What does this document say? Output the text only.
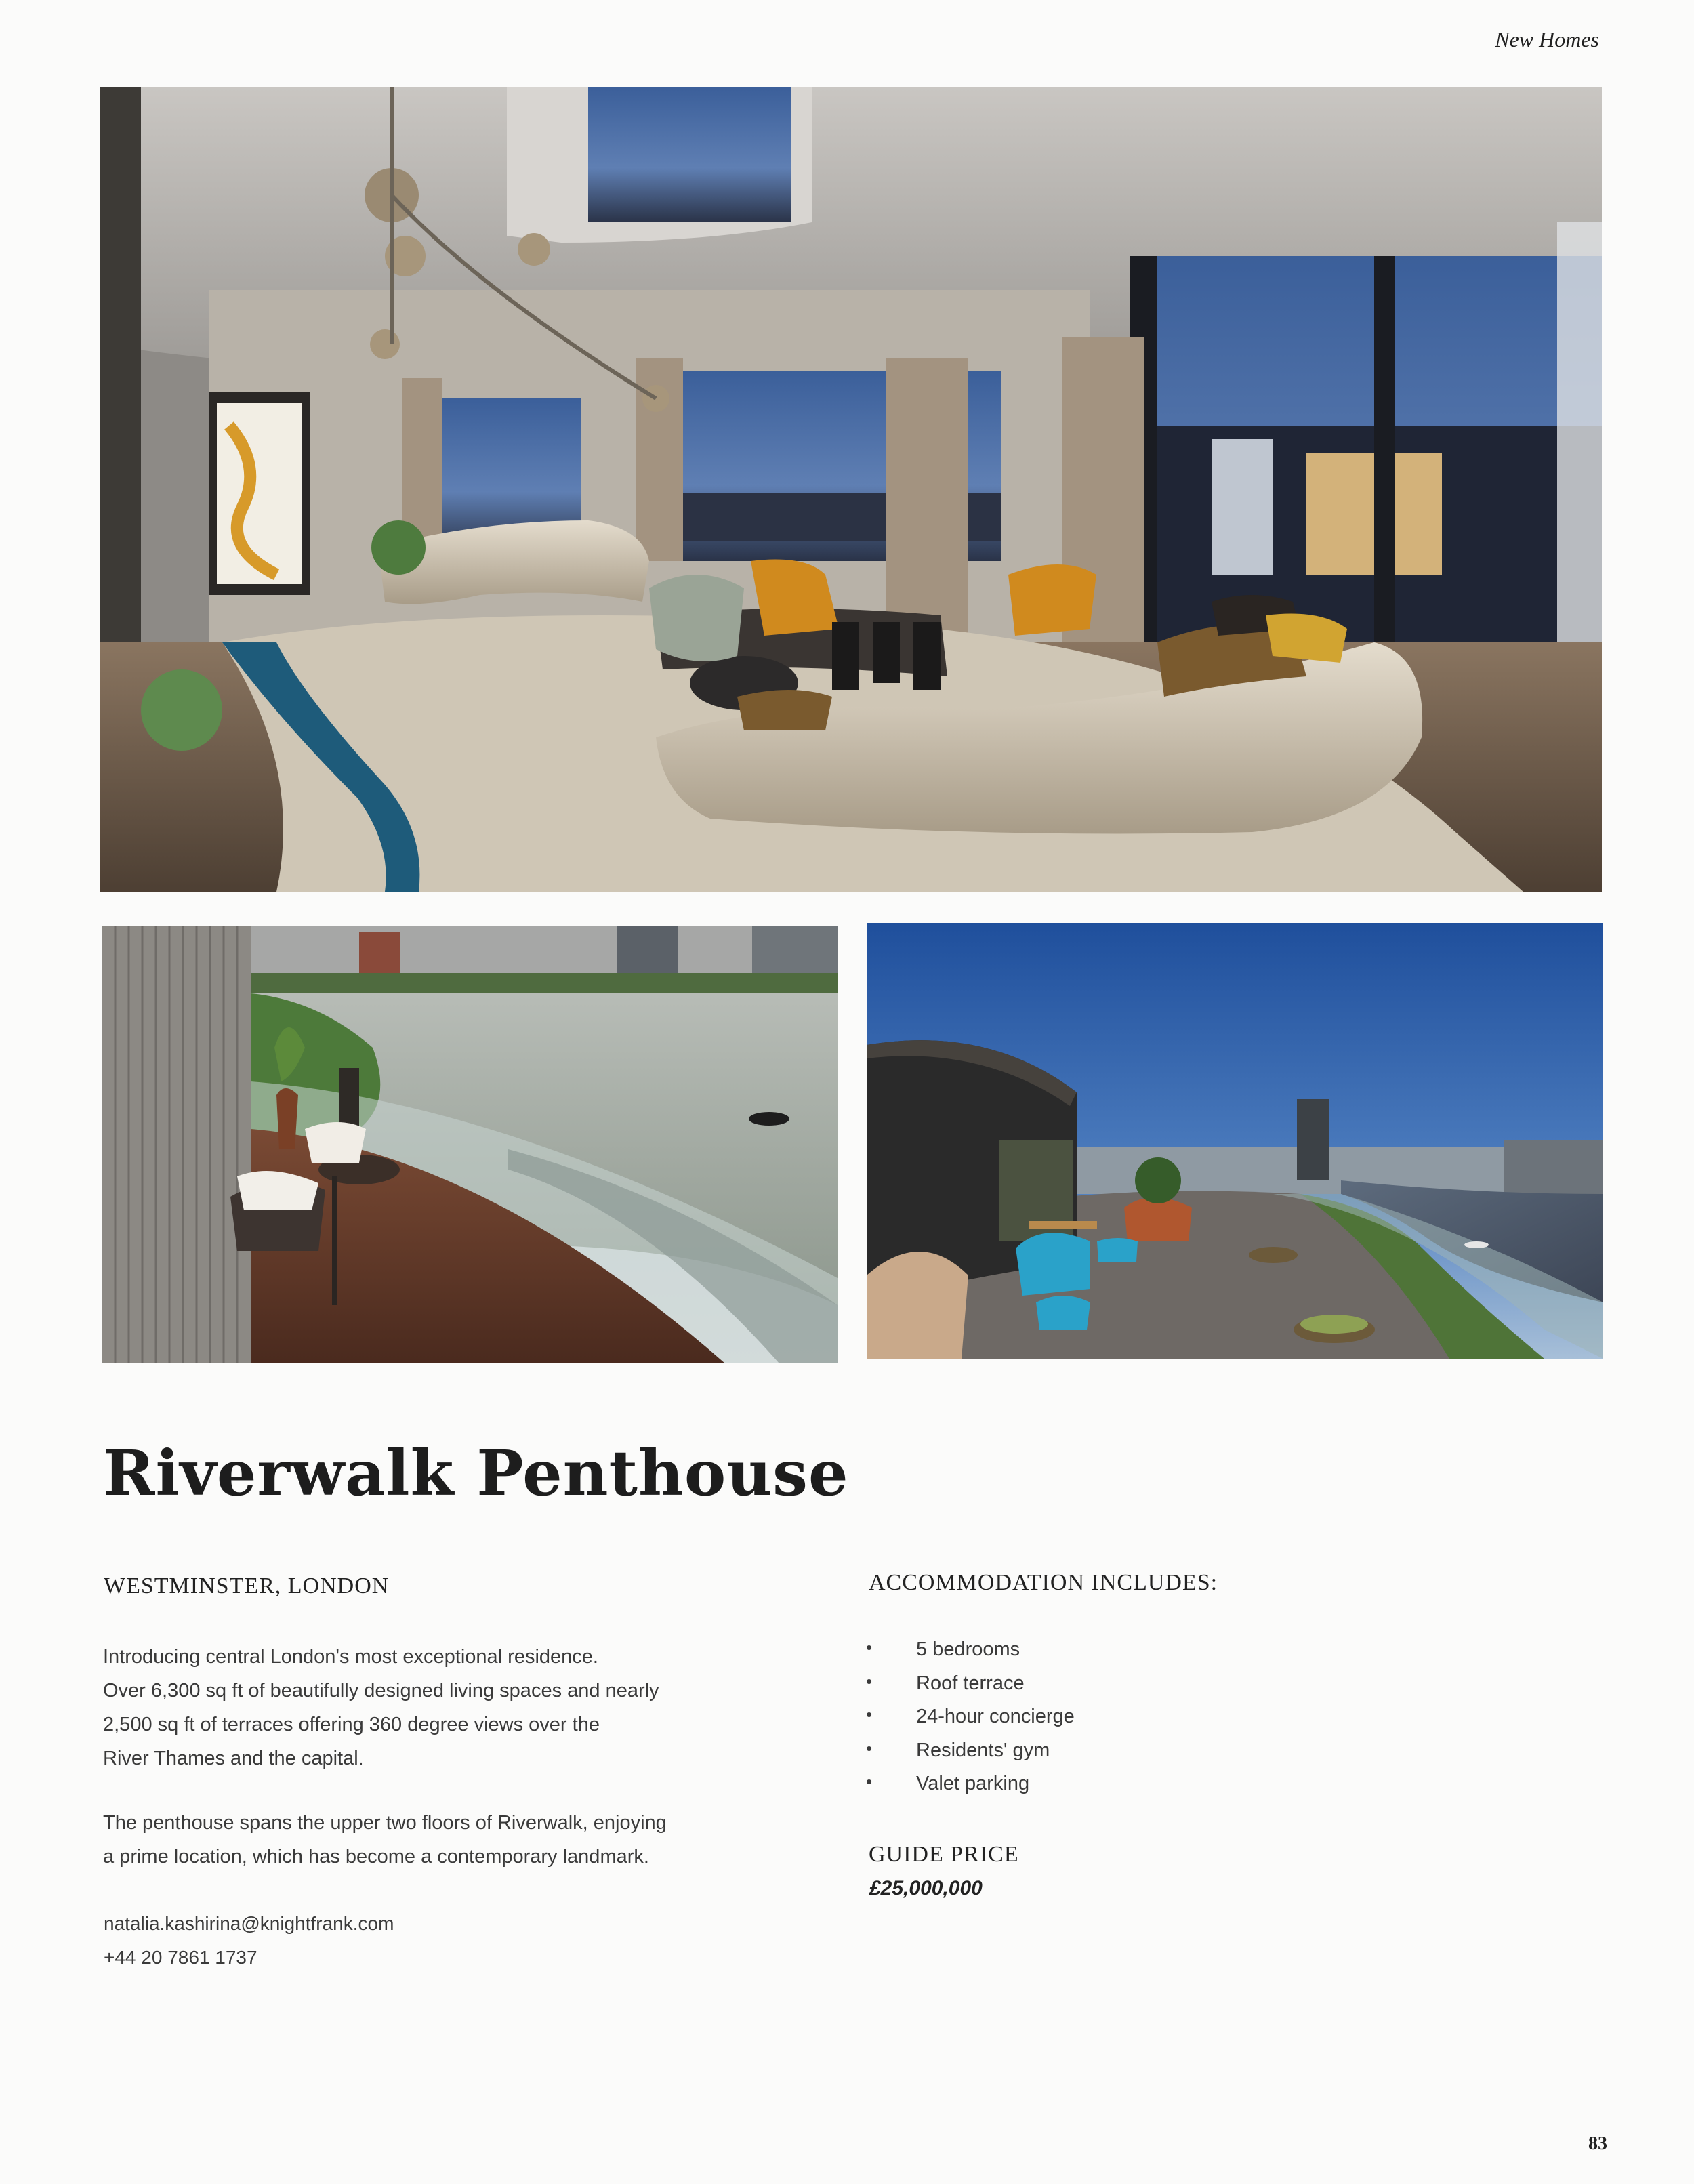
New Homes
Riverwalk Penthouse
WESTMINSTER, LONDON

Introducing central London's most exceptional residence.
Over 6,300 sq ft of beautifully designed living spaces and nearly
2,500 sq ft of terraces offering 360 degree views over the
River Thames and the capital.

The penthouse spans the upper two floors of Riverwalk, enjoying
a prime location, which has become a contemporary landmark.

natalia.kashirina@knightfrank.com
+44 20 7861 1737
ACCOMMODATION INCLUDES:
• 5 bedrooms
• Roof terrace
• 24-hour concierge
• Residents' gym
• Valet parking
GUIDE PRICE
£25,000,000
83
